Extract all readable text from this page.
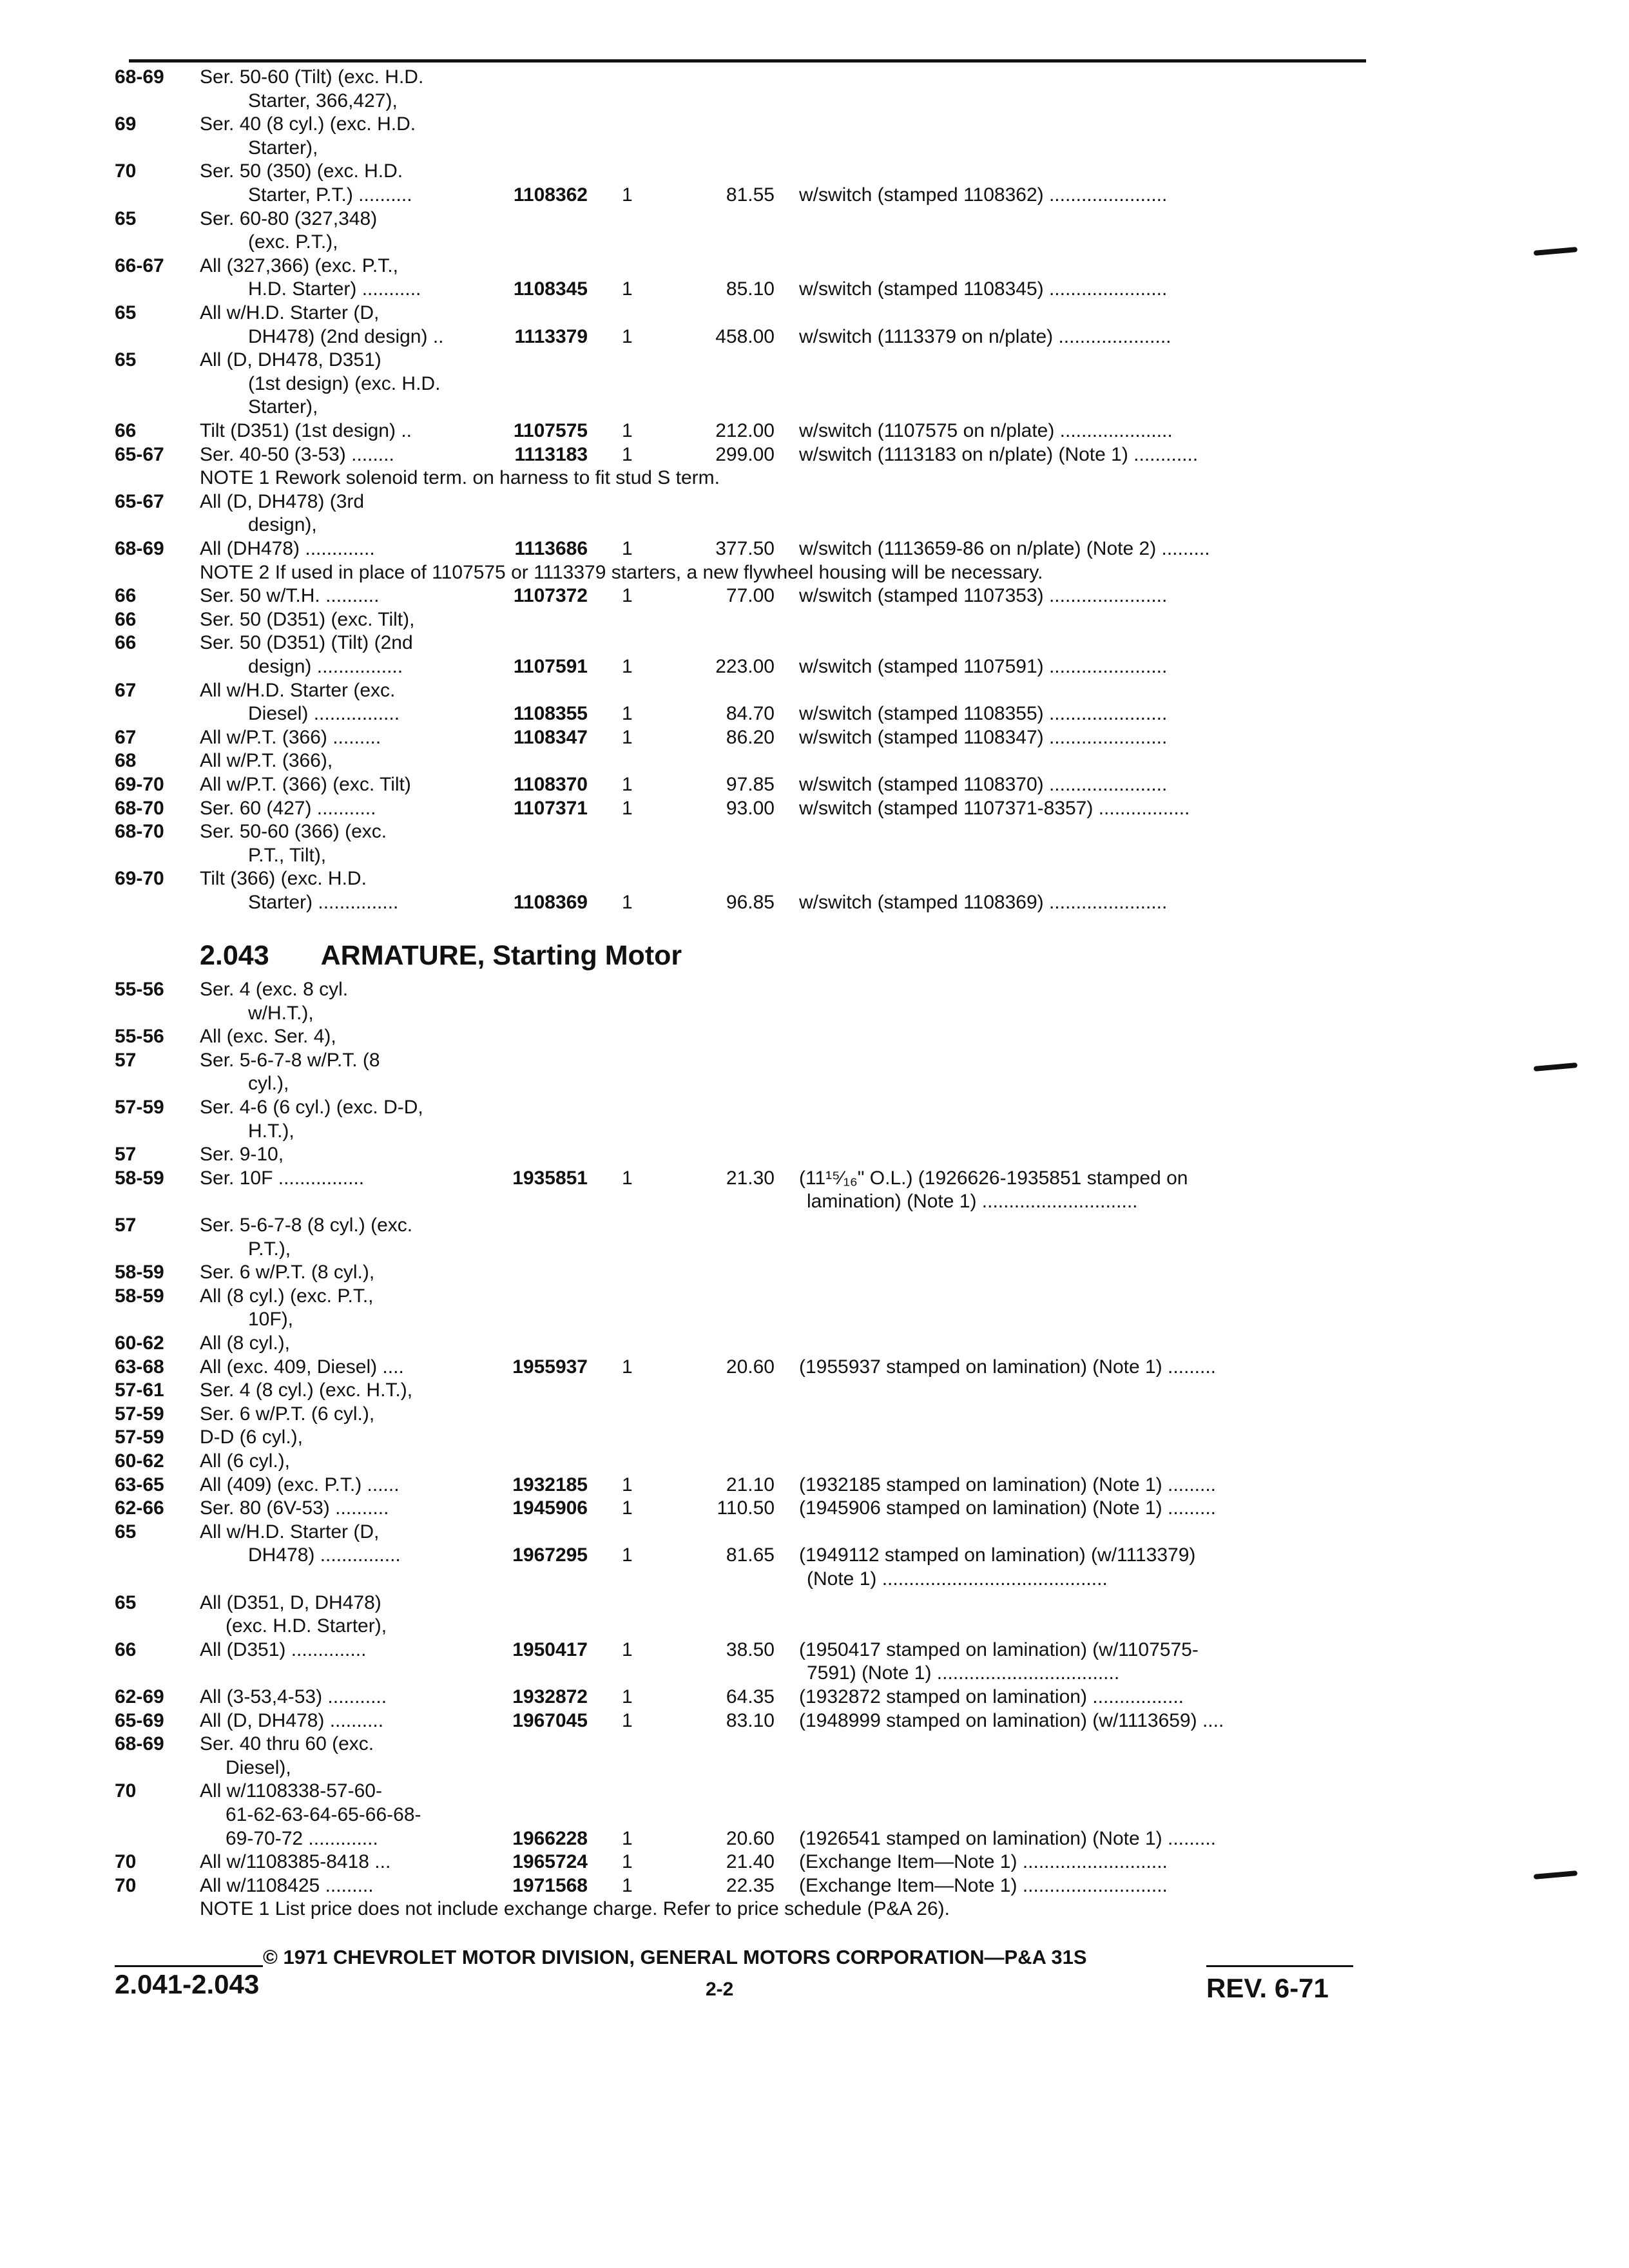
68-69 Ser. 50-60 (Tilt) (exc. H.D.
Starter, 366,427),
69	Ser. 40 (8 cyl.) (exc. H.D.
Starter),
70	Ser. 50 (350) (exc. H.D.
Starter, P.T.) ..........	1108362 1	81.55 w/switch (stamped 1108362) ......................
65	Ser. 60-80 (327,348)
(exc. P.T.),
66-67 All (327,366) (exc. P.T.,
H.D. Starter) ...........	1108345 1	85.10 w/switch (stamped 1108345) ......................
65	All w/H.D. Starter (D,
DH478) (2nd design) ..	1113379 1	458.00 w/switch (1113379 on n/plate) .....................
65	All (D, DH478, D351)
(1st design) (exc. H.D.
Starter),
66	Tilt (D351) (1st design) ..	1107575 1	212.00 w/switch (1107575 on n/plate) .....................
65-67 Ser. 40-50 (3-53) ........	1113183 1	299.00 w/switch (1113183 on n/plate) (Note 1) ............
NOTE 1 Rework solenoid term. on harness to fit stud S term.
65-67 All (D, DH478) (3rd
design),
68-69 All (DH478) .............	1113686 1	377.50 w/switch (1113659-86 on n/plate) (Note 2) .........
NOTE 2 If used in place of 1107575 or 1113379 starters, a new flywheel housing will be necessary.
66	Ser. 50 w/T.H. ..........	1107372 1	77.00 w/switch (stamped 1107353) ......................
66	Ser. 50 (D351) (exc. Tilt),
66	Ser. 50 (D351) (Tilt) (2nd
design) ................	1107591 1	223.00 w/switch (stamped 1107591) ......................
67	All w/H.D. Starter (exc.
Diesel) ................	1108355 1	84.70 w/switch (stamped 1108355) ......................
67	All w/P.T. (366) .........	1108347 1	86.20 w/switch (stamped 1108347) ......................
68	All w/P.T. (366),
69-70 All w/P.T. (366) (exc. Tilt)	1108370 1	97.85 w/switch (stamped 1108370) ......................
68-70 Ser. 60 (427) ...........	1107371 1	93.00 w/switch (stamped 1107371-8357) .................
68-70 Ser. 50-60 (366) (exc.
P.T., Tilt),
69-70 Tilt (366) (exc. H.D.
Starter) ...............	1108369 1	96.85 w/switch (stamped 1108369) ......................
55-56 Ser. 4 (exc. 8 cyl.
w/H.T.),
55-56 All (exc. Ser. 4),
57	Ser. 5-6-7-8 w/P.T. (8
cyl.),
57-59 Ser. 4-6 (6 cyl.) (exc. D-D,
H.T.),
57	Ser. 9-10,
58-59 Ser. 10F ................	1935851 1	21.30 (11¹⁵⁄₁₆" O.L.) (1926626-1935851 stamped on
lamination) (Note 1) .............................
57	Ser. 5-6-7-8 (8 cyl.) (exc.
P.T.),
58-59 Ser. 6 w/P.T. (8 cyl.),
58-59 All (8 cyl.) (exc. P.T.,
10F),
60-62 All (8 cyl.),
63-68 All (exc. 409, Diesel) ....	1955937 1	20.60 (1955937 stamped on lamination) (Note 1) .........
57-61 Ser. 4 (8 cyl.) (exc. H.T.),
57-59 Ser. 6 w/P.T. (6 cyl.),
57-59 D-D (6 cyl.),
60-62 All (6 cyl.),
63-65 All (409) (exc. P.T.) ......	1932185 1	21.10 (1932185 stamped on lamination) (Note 1) .........
62-66 Ser. 80 (6V-53) ..........	1945906 1	110.50 (1945906 stamped on lamination) (Note 1) .........
65	All w/H.D. Starter (D,
DH478) ...............	1967295 1	81.65 (1949112 stamped on lamination) (w/1113379)
(Note 1) ..........................................
65	All (D351, D, DH478)
(exc. H.D. Starter),
66	All (D351) ..............	1950417 1	38.50 (1950417 stamped on lamination) (w/1107575-
7591) (Note 1) ..................................
62-69 All (3-53,4-53) ...........	1932872 1	64.35 (1932872 stamped on lamination) .................
65-69 All (D, DH478) ..........	1967045 1	83.10 (1948999 stamped on lamination) (w/1113659) ....
68-69 Ser. 40 thru 60 (exc.
Diesel),
70	All w/1108338-57-60-
61-62-63-64-65-66-68-
69-70-72 .............	1966228 1	20.60 (1926541 stamped on lamination) (Note 1) .........
70	All w/1108385-8418 ...	1965724 1	21.40 (Exchange Item—Note 1) ...........................
70	All w/1108425 .........	1971568 1	22.35 (Exchange Item—Note 1) ...........................
NOTE 1 List price does not include exchange charge. Refer to price schedule (P&A 26).
2.043 ARMATURE, Starting Motor
© 1971 CHEVROLET MOTOR DIVISION, GENERAL MOTORS CORPORATION—P&A 31S
2.041-2.043	2-2	REV. 6-71
